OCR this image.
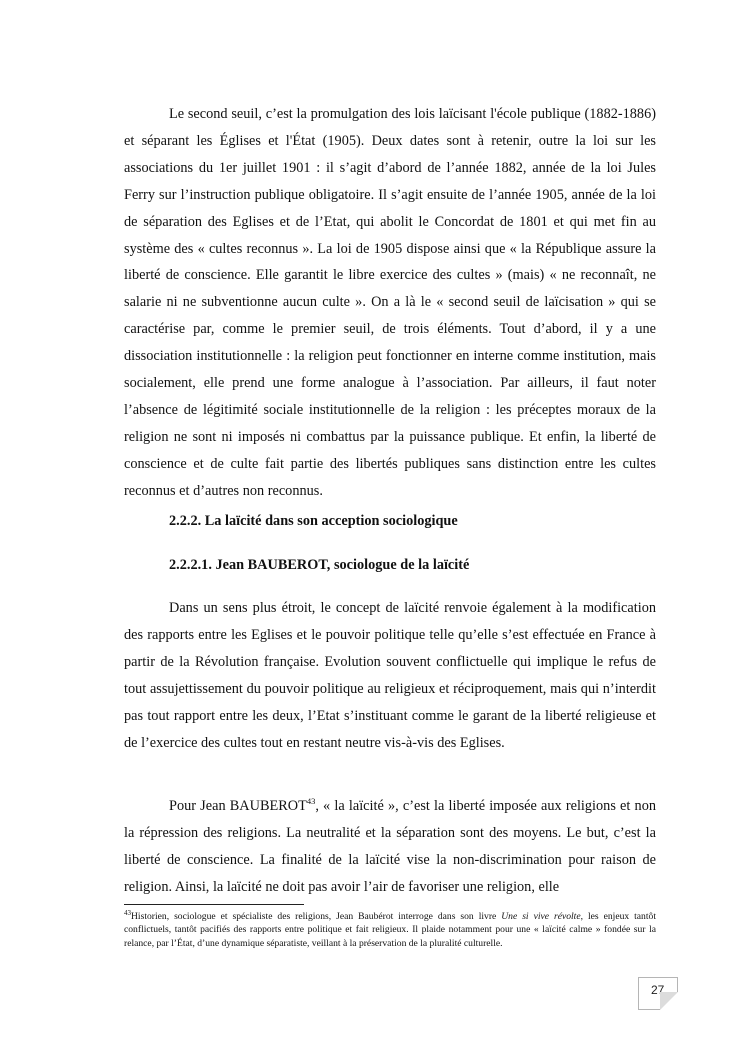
Le second seuil, c’est la promulgation des lois laïcisant l'école publique (1882-1886) et séparant les Églises et l'État (1905). Deux dates sont à retenir, outre la loi sur les associations du 1er juillet 1901 : il s’agit d’abord de l’année 1882, année de la loi Jules Ferry sur l’instruction publique obligatoire. Il s’agit ensuite de l’année 1905, année de la loi de séparation des Eglises et de l’Etat, qui abolit le Concordat de 1801 et qui met fin au système des « cultes reconnus ». La loi de 1905 dispose ainsi que « la République assure la liberté de conscience. Elle garantit le libre exercice des cultes » (mais) « ne reconnaît, ne salarie ni ne subventionne aucun culte ». On a là le « second seuil de laïcisation » qui se caractérise par, comme le premier seuil, de trois éléments. Tout d’abord, il y a une dissociation institutionnelle : la religion peut fonctionner en interne comme institution, mais socialement, elle prend une forme analogue à l’association. Par ailleurs, il faut noter l’absence de légitimité sociale institutionnelle de la religion : les préceptes moraux de la religion ne sont ni imposés ni combattus par la puissance publique. Et enfin, la liberté de conscience et de culte fait partie des libertés publiques sans distinction entre les cultes reconnus et d’autres non reconnus.

2.2.2. La laïcité dans son acception sociologique

2.2.2.1. Jean BAUBEROT, sociologue de la laïcité

Dans un sens plus étroit, le concept de laïcité renvoie également à la modification des rapports entre les Eglises et le pouvoir politique telle qu’elle s’est effectuée en France à partir de la Révolution française. Evolution souvent conflictuelle qui implique le refus de tout assujettissement du pouvoir politique au religieux et réciproquement, mais qui n’interdit pas tout rapport entre les deux, l’Etat s’instituant comme le garant de la liberté religieuse et de l’exercice des cultes tout en restant neutre vis-à-vis des Eglises.

Pour Jean BAUBEROT$^{43}$, « la laïcité », c’est la liberté imposée aux religions et non la répression des religions. La neutralité et la séparation sont des moyens. Le but, c’est la liberté de conscience. La finalité de la laïcité vise la non-discrimination pour raison de religion. Ainsi, la laïcité ne doit pas avoir l’air de favoriser une religion, elle

$^{43}$Historien, sociologue et spécialiste des religions, Jean Baubérot interroge dans son livre Une si vive révolte, les enjeux tantôt conflictuels, tantôt pacifiés des rapports entre politique et fait religieux. Il plaide notamment pour une « laïcité calme » fondée sur la relance, par l’État, d’une dynamique séparatiste, veillant à la préservation de la pluralité culturelle.

27
